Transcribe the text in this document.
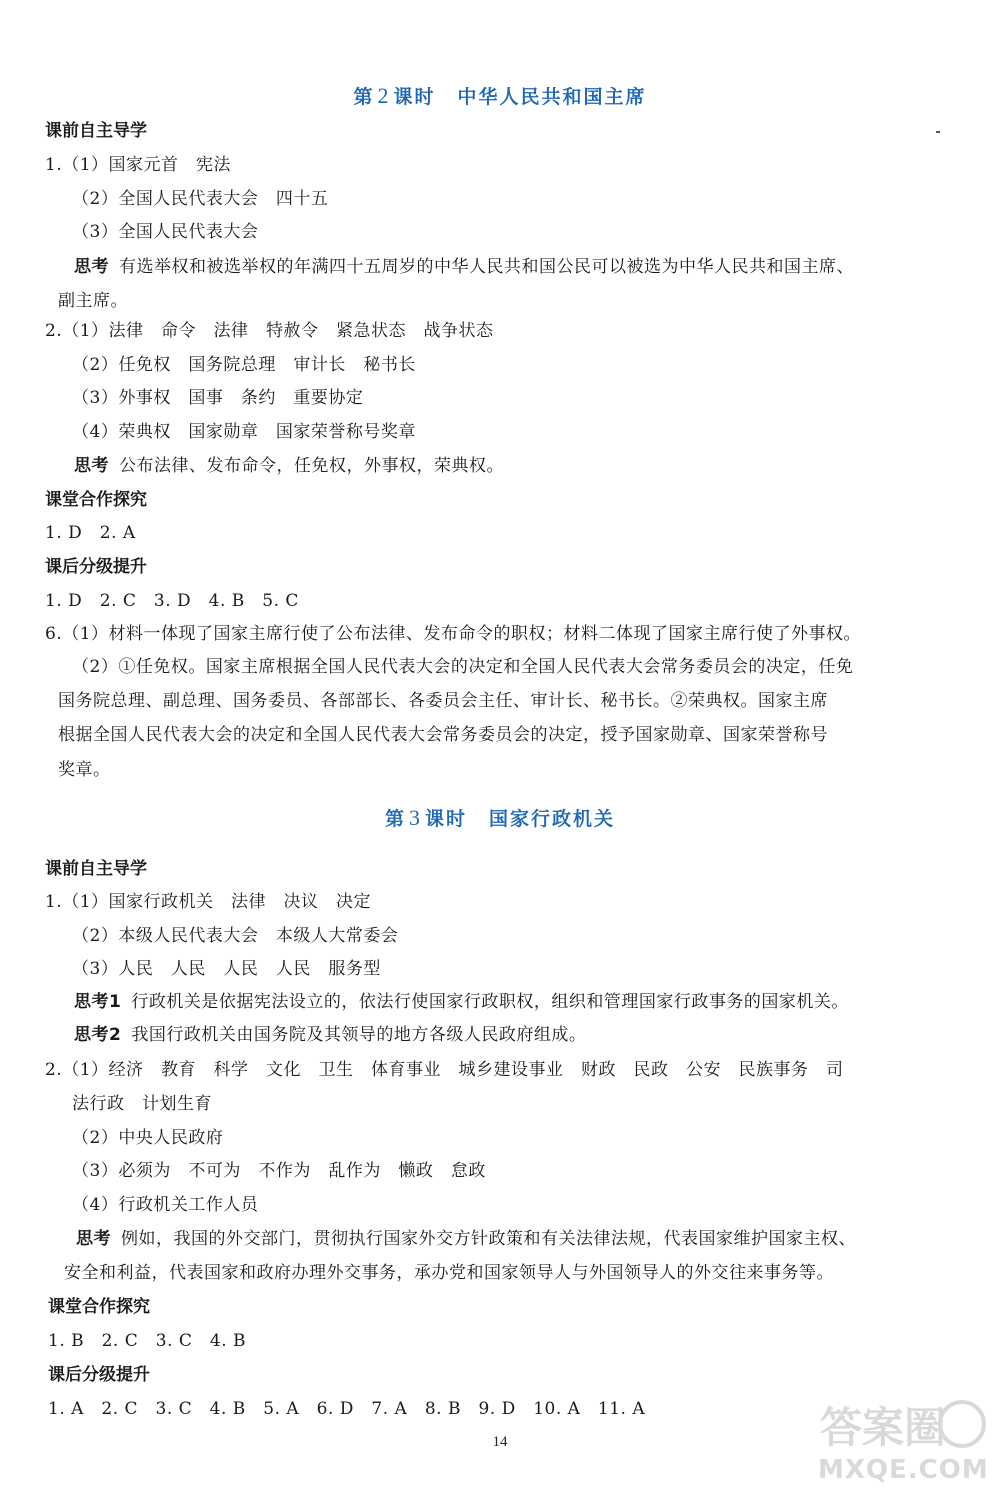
第 2 课时 中华人民共和国主席
课前自主导学
1.（1）国家元首　宪法
（2）全国人民代表大会　四十五
（3）全国人民代表大会
思考 有选举权和被选举权的年满四十五周岁的中华人民共和国公民可以被选为中华人民共和国主席、
副主席。
2.（1）法律　命令　法律　特赦令　紧急状态　战争状态
（2）任免权　国务院总理　审计长　秘书长
（3）外事权　国事　条约　重要协定
（4）荣典权　国家勋章　国家荣誉称号奖章
思考 公布法律、发布命令，任免权，外事权，荣典权。
课堂合作探究
1. D　2. A
课后分级提升
1. D　2. C　3. D　4. B　5. C
6.（1）材料一体现了国家主席行使了公布法律、发布命令的职权；材料二体现了国家主席行使了外事权。
（2）①任免权。国家主席根据全国人民代表大会的决定和全国人民代表大会常务委员会的决定，任免
国务院总理、副总理、国务委员、各部部长、各委员会主任、审计长、秘书长。②荣典权。国家主席
根据全国人民代表大会的决定和全国人民代表大会常务委员会的决定，授予国家勋章、国家荣誉称号
奖章。
第 3 课时 国家行政机关
课前自主导学
1.（1）国家行政机关　法律　决议　决定
（2）本级人民代表大会　本级人大常委会
（3）人民　人民　人民　人民　服务型
思考1 行政机关是依据宪法设立的，依法行使国家行政职权，组织和管理国家行政事务的国家机关。
思考2 我国行政机关由国务院及其领导的地方各级人民政府组成。
2.（1）经济　教育　科学　文化　卫生　体育事业　城乡建设事业　财政　民政　公安　民族事务　司
法行政　计划生育
（2）中央人民政府
（3）必须为　不可为　不作为　乱作为　懒政　怠政
（4）行政机关工作人员
思考 例如，我国的外交部门，贯彻执行国家外交方针政策和有关法律法规，代表国家维护国家主权、
安全和利益，代表国家和政府办理外交事务，承办党和国家领导人与外国领导人的外交往来事务等。
课堂合作探究
1. B　2. C　3. C　4. B
课后分级提升
1. A　2. C　3. C　4. B　5. A　6. D　7. A　8. B　9. D　10. A　11. A
14	答案圈
MXQE.COM
